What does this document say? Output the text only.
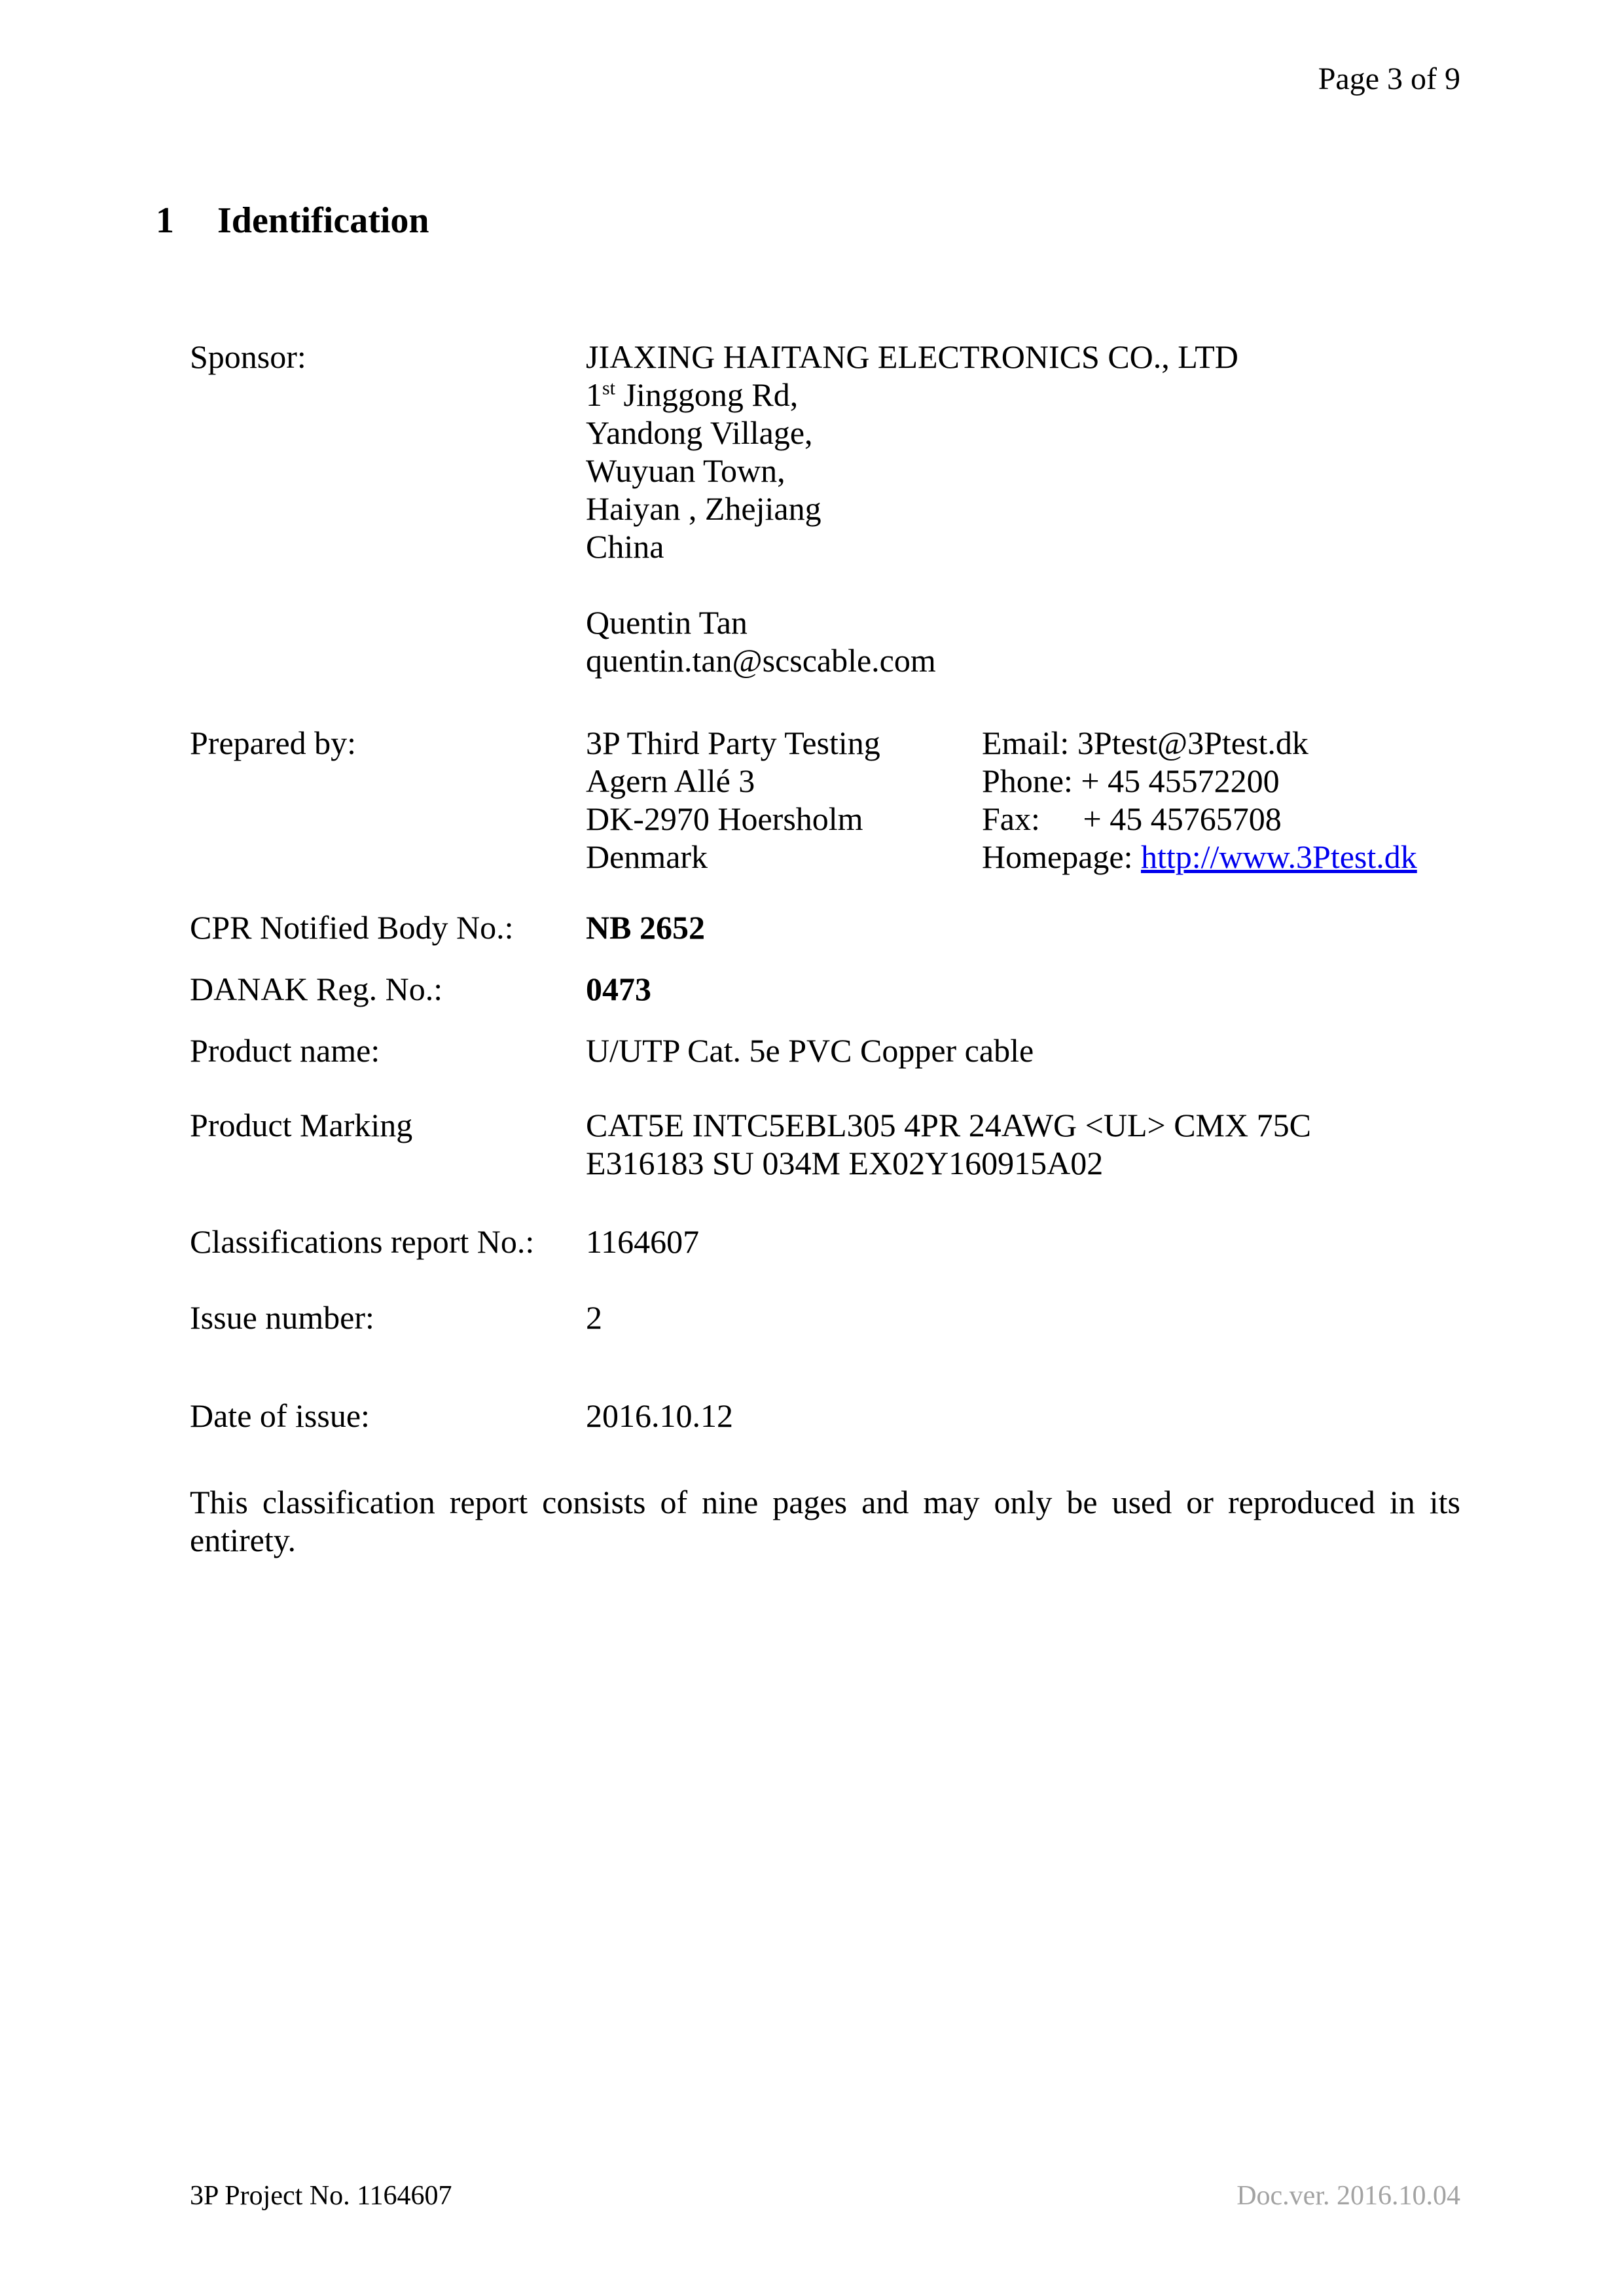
Page 3 of 9
1 Identification
Sponsor:	JIAXING HAITANG ELECTRONICS CO., LTD
1st Jinggong Rd,
Yandong Village,
Wuyuan Town,
Haiyan , Zhejiang
China
Quentin Tan
quentin.tan@scscable.com
Prepared by:	3P Third Party Testing
Agern Allé 3
DK-2970 Hoersholm
Denmark
Email: 3Ptest@3Ptest.dk
Phone: + 45 45572200
Fax: + 45 45765708
Homepage: http://www.3Ptest.dk
CPR Notified Body No.:	NB 2652
DANAK Reg. No.:	0473
Product name:	U/UTP Cat. 5e PVC Copper cable
Product Marking	CAT5E INTC5EBL305 4PR 24AWG <UL> CMX 75C
E316183 SU 034M EX02Y160915A02
Classifications report No.:	1164607
Issue number:	2
Date of issue:	2016.10.12

This classification report consists of nine pages and may only be used or reproduced in its entirety.

3P Project No. 1164607	Doc.ver. 2016.10.04
